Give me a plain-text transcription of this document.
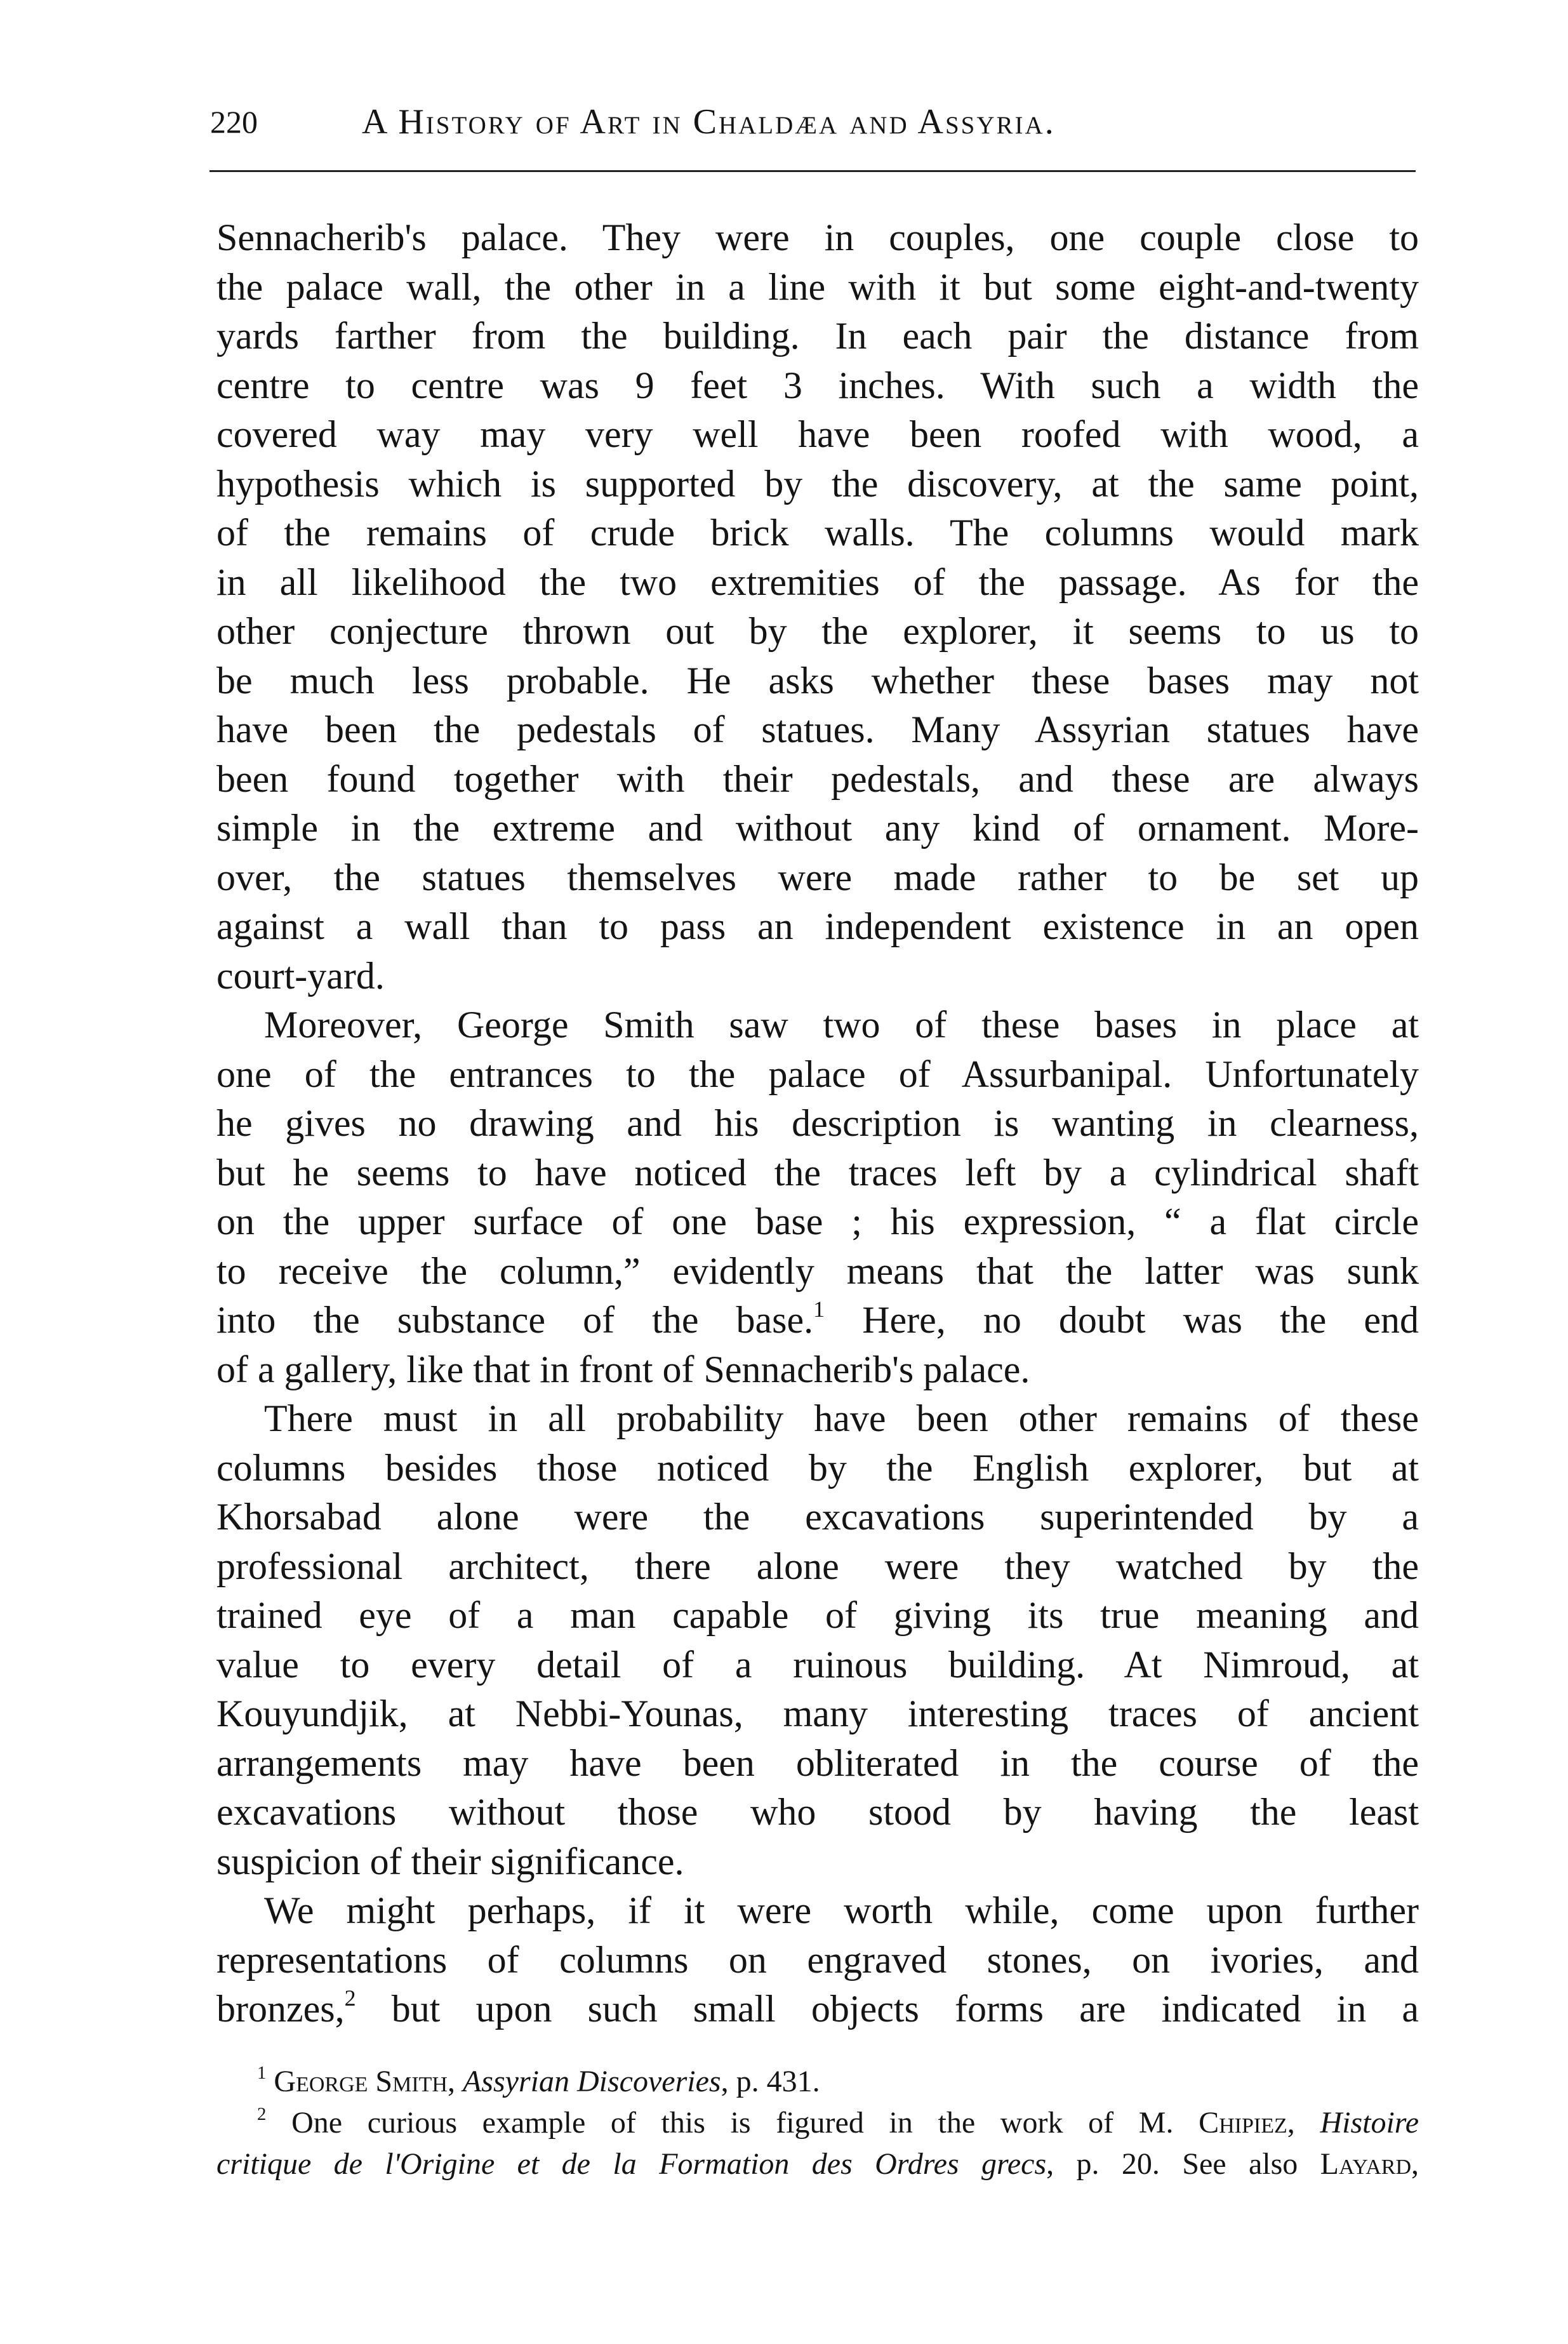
220	A History of Art in Chaldæa and Assyria.
Sennacherib's palace. They were in couples, one couple close to
the palace wall, the other in a line with it but some eight-and-twenty
yards farther from the building. In each pair the distance from
centre to centre was 9 feet 3 inches. With such a width the
covered way may very well have been roofed with wood, a
hypothesis which is supported by the discovery, at the same point,
of the remains of crude brick walls. The columns would mark
in all likelihood the two extremities of the passage. As for the
other conjecture thrown out by the explorer, it seems to us to
be much less probable. He asks whether these bases may not
have been the pedestals of statues. Many Assyrian statues have
been found together with their pedestals, and these are always
simple in the extreme and without any kind of ornament. More-
over, the statues themselves were made rather to be set up
against a wall than to pass an independent existence in an open
court-yard.
Moreover, George Smith saw two of these bases in place at
one of the entrances to the palace of Assurbanipal. Unfortunately
he gives no drawing and his description is wanting in clearness,
but he seems to have noticed the traces left by a cylindrical shaft
on the upper surface of one base ; his expression, “ a flat circle
to receive the column,” evidently means that the latter was sunk
into the substance of the base.$^1$ Here, no doubt was the end
of a gallery, like that in front of Sennacherib's palace.
There must in all probability have been other remains of these
columns besides those noticed by the English explorer, but at
Khorsabad alone were the excavations superintended by a
professional architect, there alone were they watched by the
trained eye of a man capable of giving its true meaning and
value to every detail of a ruinous building. At Nimroud, at
Kouyundjik, at Nebbi-Younas, many interesting traces of ancient
arrangements may have been obliterated in the course of the
excavations without those who stood by having the least
suspicion of their significance.
We might perhaps, if it were worth while, come upon further
representations of columns on engraved stones, on ivories, and
bronzes,$^2$ but upon such small objects forms are indicated in a
$^1$ George Smith, Assyrian Discoveries, p. 431.
$^2$ One curious example of this is figured in the work of M. Chipiez, Histoire
critique de l'Origine et de la Formation des Ordres grecs, p. 20. See also Layard,
